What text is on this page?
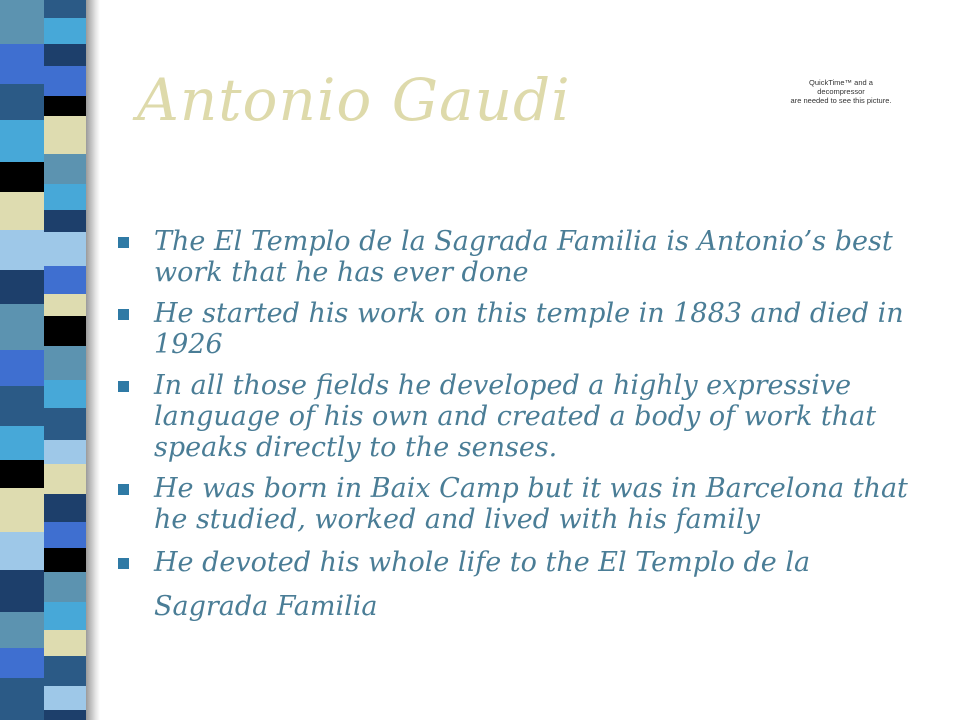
Antonio Gaudi	QuickTime™ and a
decompressor
are needed to see this picture.
The El Templo de la Sagrada Familia is Antonio’s best work that he has ever done
He started his work on this temple in 1883 and died in 1926
In all those fields he developed a highly expressive language of his own and created a body of work that speaks directly to the senses.
He was born in Baix Camp but it was in Barcelona that he studied, worked and lived with his family
He devoted his whole life to the El Templo de la Sagrada Familia
